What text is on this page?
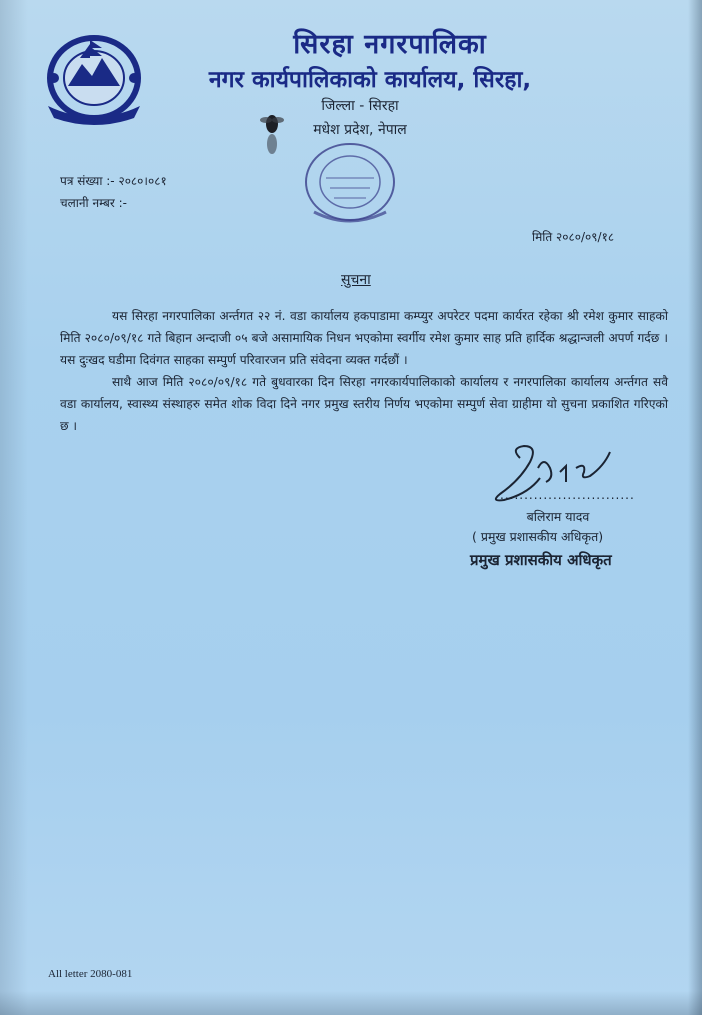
सिरहा नगरपालिका
नगर कार्यपालिकाको कार्यालय, सिरहा,
जिल्ला - सिरहा
मधेश प्रदेश, नेपाल
पत्र संख्या :- २०८०।०८१
चलानी नम्बर :-
मिति २०८०/०९/१८
सुचना

यस सिरहा नगरपालिका अर्न्तगत २२ नं. वडा कार्यालय हकपाडामा कम्प्युर अपरेटर पदमा कार्यरत रहेका श्री रमेश कुमार साहको मिति २०८०/०९/१८ गते बिहान अन्दाजी ०५ बजे असामायिक निधन भएकोमा स्वर्गीय रमेश कुमार साह प्रति हार्दिक श्रद्धान्जली अपर्ण गर्दछ । यस दुःखद घडीमा दिवंगत साहका सम्पुर्ण परिवारजन प्रति संवेदना व्यक्त गर्दछौं ।

साथै आज मिति २०८०/०९/१८ गते बुधवारका दिन सिरहा नगरकार्यपालिकाको कार्यालय र नगरपालिका कार्यालय अर्न्तगत सवै वडा कार्यालय, स्वास्थ्य संस्थाहरु समेत शोक विदा दिने नगर प्रमुख स्तरीय निर्णय भएकोमा सम्पुर्ण सेवा ग्राहीमा यो सुचना प्रकाशित गरिएको छ ।

............................
बलिराम यादव
( प्रमुख प्रशासकीय अधिकृत)
प्रमुख प्रशासकीय अधिकृत
All letter 2080-081
